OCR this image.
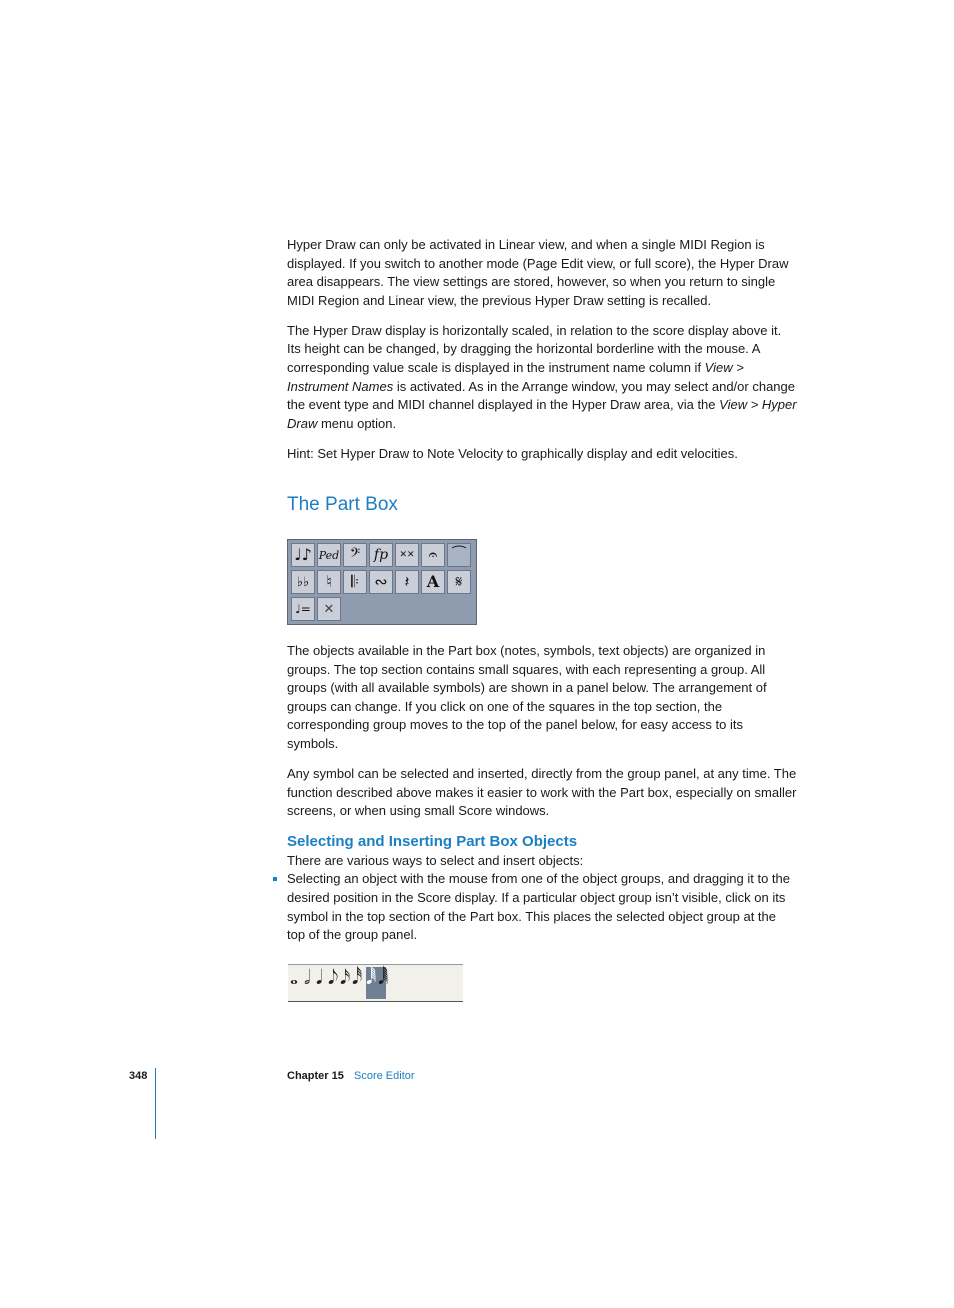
Hyper Draw can only be activated in Linear view, and when a single MIDI Region is displayed. If you switch to another mode (Page Edit view, or full score), the Hyper Draw area disappears. The view settings are stored, however, so when you return to single MIDI Region and Linear view, the previous Hyper Draw setting is recalled.

The Hyper Draw display is horizontally scaled, in relation to the score display above it. Its height can be changed, by dragging the horizontal borderline with the mouse. A corresponding value scale is displayed in the instrument name column if View > Instrument Names is activated. As in the Arrange window, you may select and/or change the event type and MIDI channel displayed in the Hyper Draw area, via the View > Hyper Draw menu option.

Hint: Set Hyper Draw to Note Velocity to graphically display and edit velocities.

The Part Box
♩♪ Ped 𝄢 fp	✕✕ 𝄐 ⁀
♭♭	♮	𝄆 ∾	𝄽	A	𝄋
♩= ✕

The objects available in the Part box (notes, symbols, text objects) are organized in groups. The top section contains small squares, with each representing a group. All groups (with all available symbols) are shown in a panel below. The arrangement of groups can change. If you click on one of the squares in the top section, the corresponding group moves to the top of the panel below, for easy access to its symbols.

Any symbol can be selected and inserted, directly from the group panel, at any time. The function described above makes it easier to work with the Part box, especially on smaller screens, or when using small Score windows.

Selecting and Inserting Part Box Objects

There are various ways to select and insert objects:

Selecting an object with the mouse from one of the object groups, and dragging it to the desired position in the Score display. If a particular object group isn’t visible, click on its symbol in the top section of the Part box. This places the selected object group at the top of the group panel.

𝅝 𝅗𝅥 𝅘𝅥 𝅘𝅥𝅮 𝅘𝅥𝅯 𝅘𝅥𝅰 𝅘𝅥𝅱 𝅘𝅥𝅲
348	Chapter 15 Score Editor
